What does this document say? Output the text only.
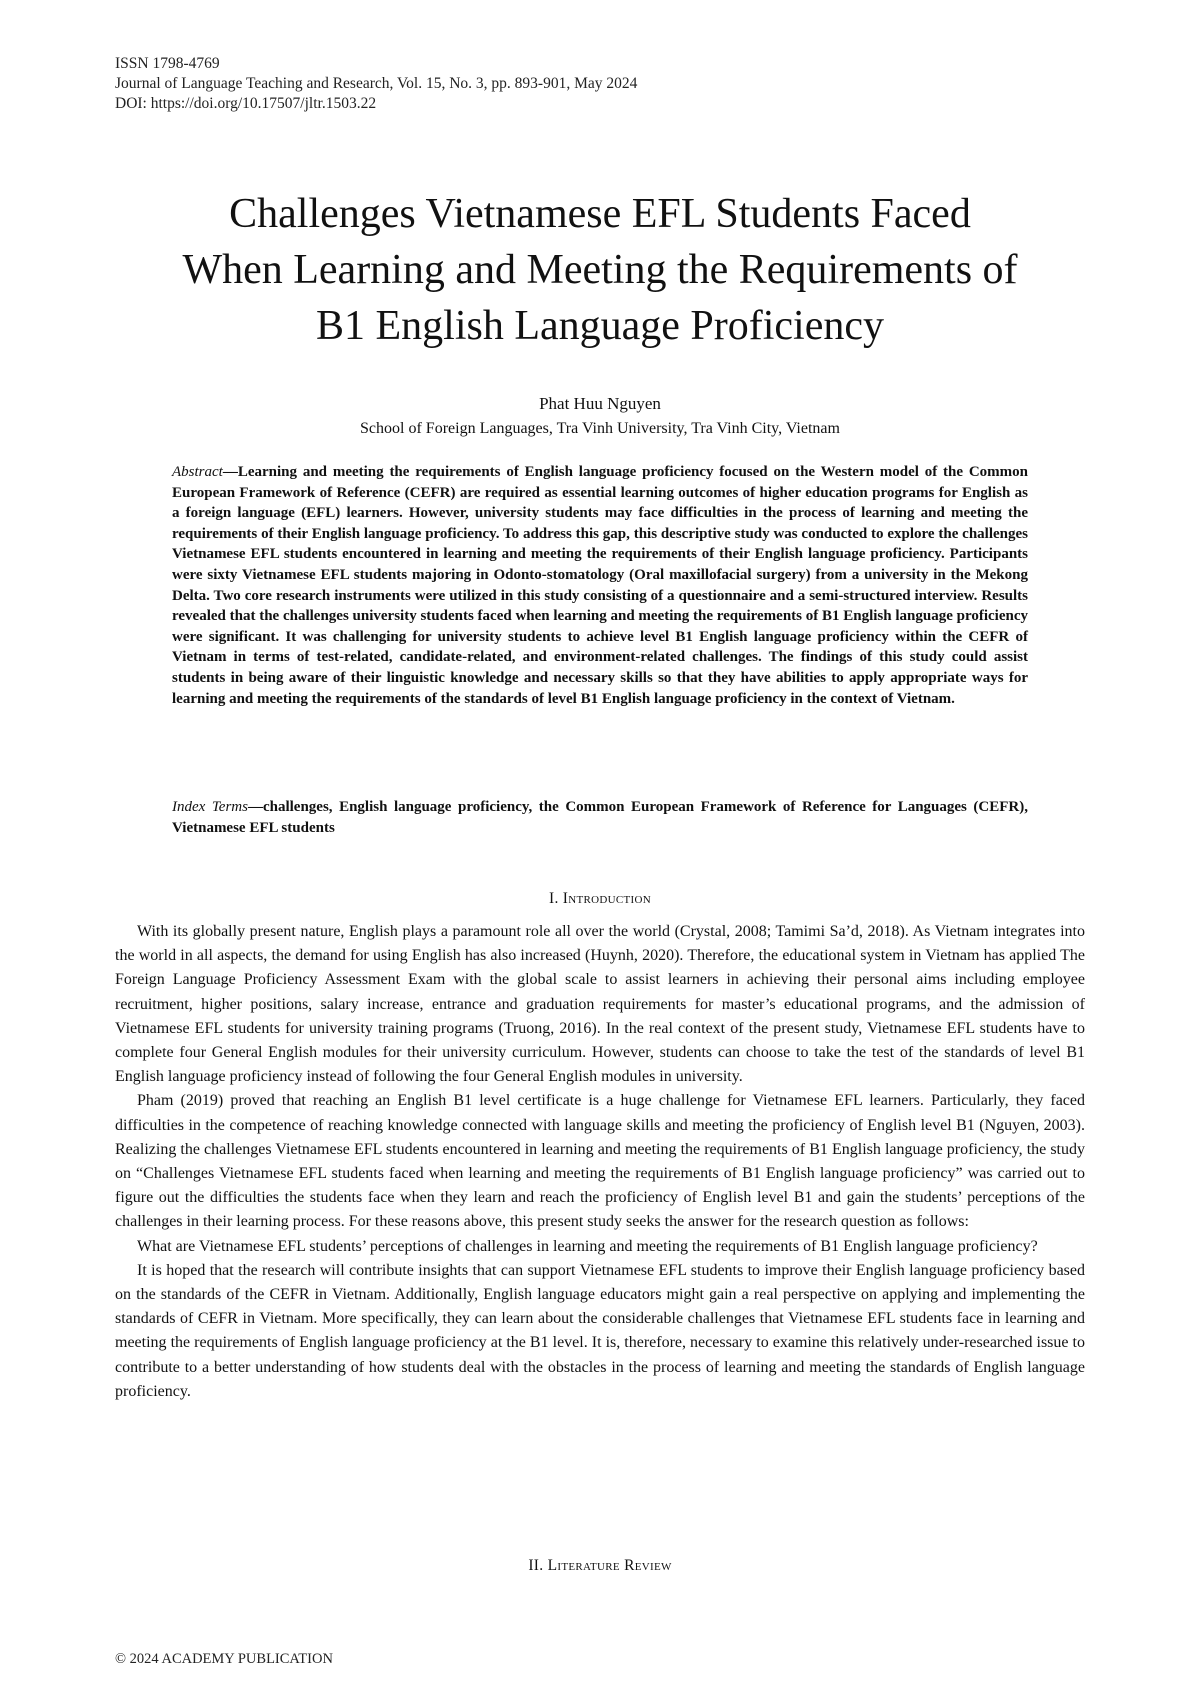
ISSN 1798-4769
Journal of Language Teaching and Research, Vol. 15, No. 3, pp. 893-901, May 2024
DOI: https://doi.org/10.17507/jltr.1503.22
Challenges Vietnamese EFL Students Faced
When Learning and Meeting the Requirements of
B1 English Language Proficiency
Phat Huu Nguyen
School of Foreign Languages, Tra Vinh University, Tra Vinh City, Vietnam

Abstract—Learning and meeting the requirements of English language proficiency focused on the Western model of the Common European Framework of Reference (CEFR) are required as essential learning outcomes of higher education programs for English as a foreign language (EFL) learners. However, university students may face difficulties in the process of learning and meeting the requirements of their English language proficiency. To address this gap, this descriptive study was conducted to explore the challenges Vietnamese EFL students encountered in learning and meeting the requirements of their English language proficiency. Participants were sixty Vietnamese EFL students majoring in Odonto-stomatology (Oral maxillofacial surgery) from a university in the Mekong Delta. Two core research instruments were utilized in this study consisting of a questionnaire and a semi-structured interview. Results revealed that the challenges university students faced when learning and meeting the requirements of B1 English language proficiency were significant. It was challenging for university students to achieve level B1 English language proficiency within the CEFR of Vietnam in terms of test-related, candidate-related, and environment-related challenges. The findings of this study could assist students in being aware of their linguistic knowledge and necessary skills so that they have abilities to apply appropriate ways for learning and meeting the requirements of the standards of level B1 English language proficiency in the context of Vietnam.

Index Terms—challenges, English language proficiency, the Common European Framework of Reference for Languages (CEFR), Vietnamese EFL students

I. Introduction

With its globally present nature, English plays a paramount role all over the world (Crystal, 2008; Tamimi Sa’d, 2018). As Vietnam integrates into the world in all aspects, the demand for using English has also increased (Huynh, 2020). Therefore, the educational system in Vietnam has applied The Foreign Language Proficiency Assessment Exam with the global scale to assist learners in achieving their personal aims including employee recruitment, higher positions, salary increase, entrance and graduation requirements for master’s educational programs, and the admission of Vietnamese EFL students for university training programs (Truong, 2016). In the real context of the present study, Vietnamese EFL students have to complete four General English modules for their university curriculum. However, students can choose to take the test of the standards of level B1 English language proficiency instead of following the four General English modules in university.

Pham (2019) proved that reaching an English B1 level certificate is a huge challenge for Vietnamese EFL learners. Particularly, they faced difficulties in the competence of reaching knowledge connected with language skills and meeting the proficiency of English level B1 (Nguyen, 2003). Realizing the challenges Vietnamese EFL students encountered in learning and meeting the requirements of B1 English language proficiency, the study on “Challenges Vietnamese EFL students faced when learning and meeting the requirements of B1 English language proficiency” was carried out to figure out the difficulties the students face when they learn and reach the proficiency of English level B1 and gain the students’ perceptions of the challenges in their learning process. For these reasons above, this present study seeks the answer for the research question as follows:

What are Vietnamese EFL students’ perceptions of challenges in learning and meeting the requirements of B1 English language proficiency?

It is hoped that the research will contribute insights that can support Vietnamese EFL students to improve their English language proficiency based on the standards of the CEFR in Vietnam. Additionally, English language educators might gain a real perspective on applying and implementing the standards of CEFR in Vietnam. More specifically, they can learn about the considerable challenges that Vietnamese EFL students face in learning and meeting the requirements of English language proficiency at the B1 level. It is, therefore, necessary to examine this relatively under-researched issue to contribute to a better understanding of how students deal with the obstacles in the process of learning and meeting the standards of English language proficiency.

II. Literature Review
© 2024 ACADEMY PUBLICATION
